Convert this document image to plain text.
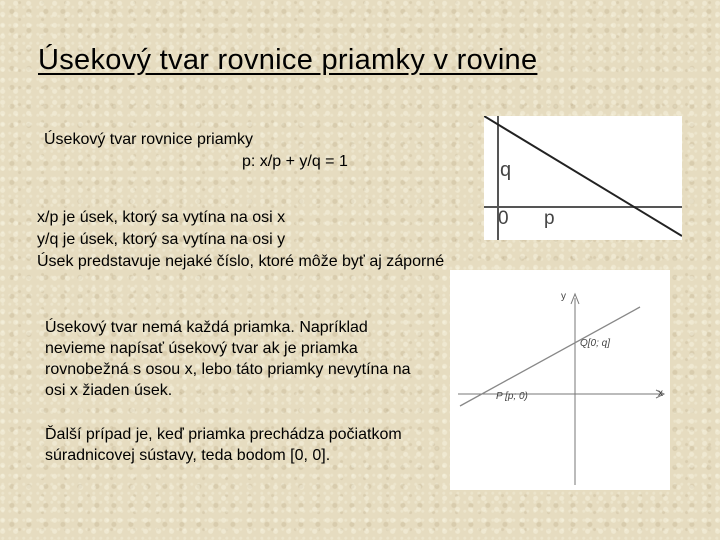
Úsekový tvar rovnice priamky v rovine
Úsekový tvar rovnice priamky
p: x/p + y/q = 1
x/p je úsek, ktorý sa vytína na osi x
y/q je úsek, ktorý sa vytína na osi y
Úsek predstavuje nejaké číslo, ktoré môže byť aj záporné
Úsekový tvar nemá každá priamka. Napríklad
nevieme napísať úsekový tvar ak je priamka
rovnobežná s osou x, lebo táto priamky nevytína na
osi x žiaden úsek.
Ďalší prípad je, keď priamka prechádza počiatkom
súradnicovej sústavy, teda bodom [0, 0].
q
0 p
y
x
Q[0; q]
P [p; 0)
